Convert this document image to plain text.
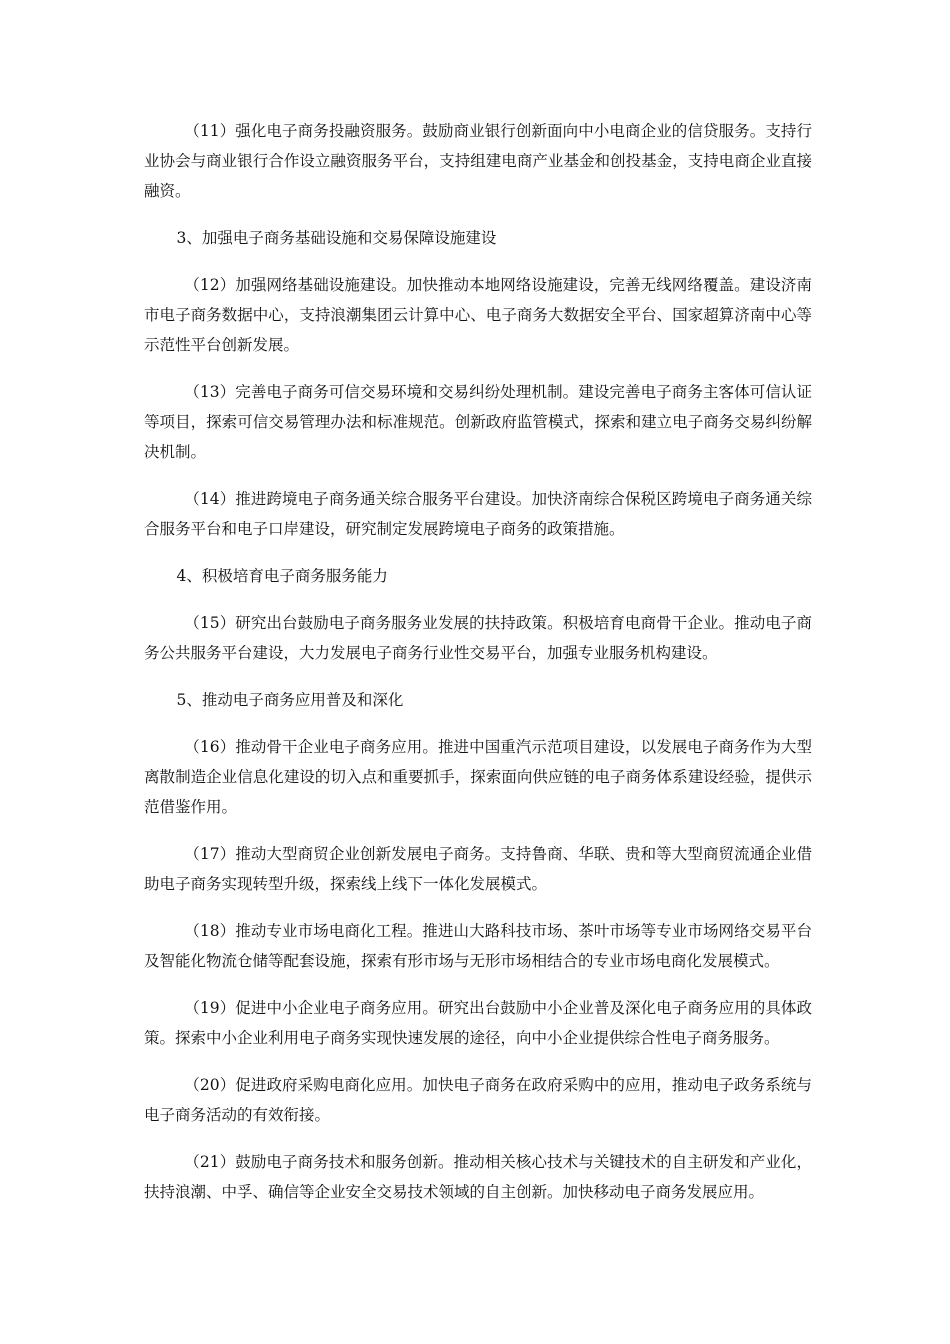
（11）强化电子商务投融资服务。鼓励商业银行创新面向中小电商企业的信贷服务。支持行业协会与商业银行合作设立融资服务平台，支持组建电商产业基金和创投基金，支持电商企业直接融资。

3、加强电子商务基础设施和交易保障设施建设

（12）加强网络基础设施建设。加快推动本地网络设施建设，完善无线网络覆盖。建设济南市电子商务数据中心，支持浪潮集团云计算中心、电子商务大数据安全平台、国家超算济南中心等示范性平台创新发展。

（13）完善电子商务可信交易环境和交易纠纷处理机制。建设完善电子商务主客体可信认证等项目，探索可信交易管理办法和标准规范。创新政府监管模式，探索和建立电子商务交易纠纷解决机制。

（14）推进跨境电子商务通关综合服务平台建设。加快济南综合保税区跨境电子商务通关综合服务平台和电子口岸建设，研究制定发展跨境电子商务的政策措施。

4、积极培育电子商务服务能力

（15）研究出台鼓励电子商务服务业发展的扶持政策。积极培育电商骨干企业。推动电子商务公共服务平台建设，大力发展电子商务行业性交易平台，加强专业服务机构建设。

5、推动电子商务应用普及和深化

（16）推动骨干企业电子商务应用。推进中国重汽示范项目建设，以发展电子商务作为大型离散制造企业信息化建设的切入点和重要抓手，探索面向供应链的电子商务体系建设经验，提供示范借鉴作用。

（17）推动大型商贸企业创新发展电子商务。支持鲁商、华联、贵和等大型商贸流通企业借助电子商务实现转型升级，探索线上线下一体化发展模式。

（18）推动专业市场电商化工程。推进山大路科技市场、茶叶市场等专业市场网络交易平台及智能化物流仓储等配套设施，探索有形市场与无形市场相结合的专业市场电商化发展模式。

（19）促进中小企业电子商务应用。研究出台鼓励中小企业普及深化电子商务应用的具体政策。探索中小企业利用电子商务实现快速发展的途径，向中小企业提供综合性电子商务服务。

（20）促进政府采购电商化应用。加快电子商务在政府采购中的应用，推动电子政务系统与电子商务活动的有效衔接。

（21）鼓励电子商务技术和服务创新。推动相关核心技术与关键技术的自主研发和产业化，扶持浪潮、中孚、确信等企业安全交易技术领域的自主创新。加快移动电子商务发展应用。
